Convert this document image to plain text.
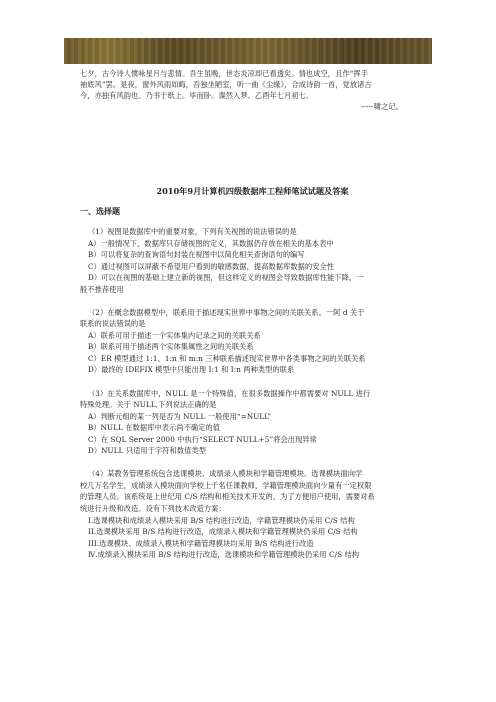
七夕，古今诗人惯咏星月与悲情。吾生虽晚，世态炎凉却已看透矣。情也成空，且作“挥手
袖底风”罢。是夜，窗外风雨如晦，吾独坐陋室，听一曲《尘缘》，合成诗韵一首，觉放诸古
今，亦独有风韵也。乃书于纸上。毕而卧。谍然入梦。乙酉年七月初七。
-----啸之记。
2010年9月计算机四级数据库工程师笔试试题及答案
一、选择题
（1）视图是数据库中的重要对象，下列有关视图的说法错误的是
A）一般情况下，数据库只存储视图的定义，其数据仍存放在相关的基本表中
B）可以将复杂的查询语句封装在视图中以简化相关查询语句的编写
C）通过视图可以屏蔽不希望用户看到的敏感数据，提高数据库数据的安全性
D）可以在视图的基础上建立新的视图，但这样定义的视图会导致数据库性能下降，一
般不推荐使用
（2）在概念数据模型中，联系用于描述现实世界中事物之间的关联关系。一阿 d 关于
联系的说法错误的是
A）联系可用于描述一个实体集内记录之间的关联关系
B）联系可用于描述两个实体集属性之间的关联关系
C）ER 模型通过 1:1、1:n 和 m:n 三种联系描述现实世界中各类事物之间的关联关系
D）最终的 IDEFIX 模型中只能出现 I:1 和 I:n 两种类型的联系
（3）在关系数据库中，NULL 是一个特殊值，在很多数据操作中都需要对 NULL 进行
特殊处理。关于 NULL,下列说法正确的是
A）判断元组的某一列是否为 NULL 一般使用“=NULL”
B）NULL 在数据库中表示尚不确定的值
C）在 SQL Server 2000 中执行“SELECT NULL+5”将会出现异常
D）NULL 只适用于字符和数值类型
（4）某教务管理系统包含选课模块、成绩录入模块和学籍管理模块。选课模块面向学
校几万名学生，成绩录入模块面向学校上千名任课教师，学籍管理模块面向少量有一定权限
的管理人员。该系统是上世纪用 C/S 结构和相关技术开发的，为了方便用户使用，需要对系
统进行升级和改造。设有下列技术改造方案：
I.选课模块和成绩录入模块采用 B/S 结构进行改造，学籍管理模块仍采用 C/S 结构
II.选课模块采用 B/S 结构进行改造，成绩录入模块和学籍管理模块仍采用 C/S 结构
III.选课模块、成绩录入模块和学籍管理模块均采用 B/S 结构进行改造
Ⅳ.成绩录入模块采用 B/S 结构进行改造，选课模块和学籍管理模块仍采用 C/S 结构
